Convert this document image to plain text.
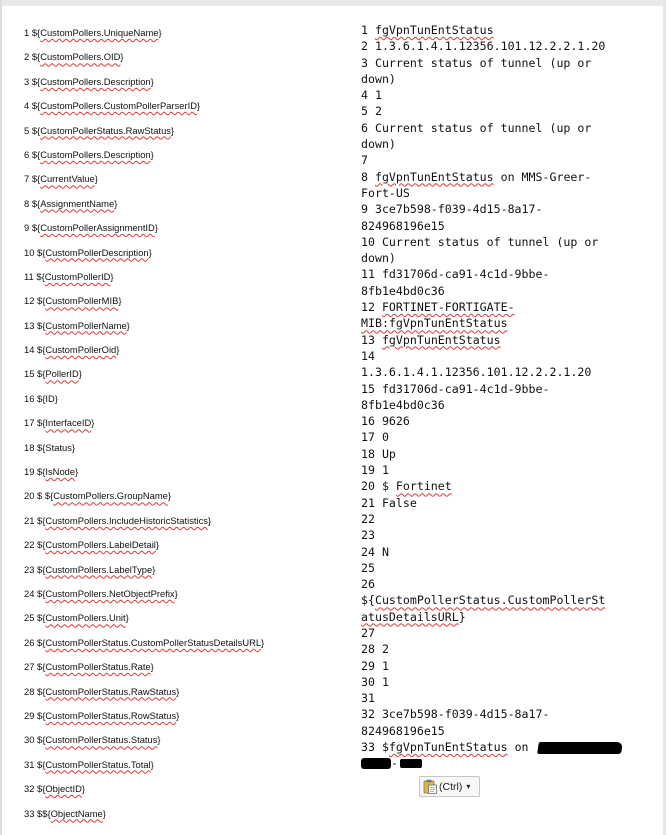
1 ${CustomPollers.UniqueName}
2 ${CustomPollers.OID}
3 ${CustomPollers.Description}
4 ${CustomPollers.CustomPollerParserID}
5 ${CustomPollerStatus.RawStatus}
6 ${CustomPollers.Description}
7 ${CurrentValue}
8 ${AssignmentName}
9 ${CustomPollerAssignmentID}
10 ${CustomPollerDescription}
11 ${CustomPollerID}
12 ${CustomPollerMIB}
13 ${CustomPollerName}
14 ${CustomPollerOid}
15 ${PollerID}
16 ${ID}
17 ${InterfaceID}
18 ${Status}
19 ${IsNode}
20 $ ${CustomPollers.GroupName}
21 ${CustomPollers.IncludeHistoricStatistics}
22 ${CustomPollers.LabelDetail}
23 ${CustomPollers.LabelType}
24 ${CustomPollers.NetObjectPrefix}
25 ${CustomPollers.Unit}
26 ${CustomPollerStatus.CustomPollerStatusDetailsURL}
27 ${CustomPollerStatus.Rate}
28 ${CustomPollerStatus.RawStatus}
29 ${CustomPollerStatus.RowStatus}
30 ${CustomPollerStatus.Status}
31 ${CustomPollerStatus.Total}
32 ${ObjectID}
33 $${ObjectName}
1 fgVpnTunEntStatus
2 1.3.6.1.4.1.12356.101.12.2.2.1.20
3 Current status of tunnel (up or
down)
4 1
5 2
6 Current status of tunnel (up or
down)
7
8 fgVpnTunEntStatus on MMS-Greer-
Fort-US
9 3ce7b598-f039-4d15-8a17-
824968196e15
10 Current status of tunnel (up or
down)
11 fd31706d-ca91-4c1d-9bbe-
8fb1e4bd0c36
12 FORTINET-FORTIGATE-
MIB:fgVpnTunEntStatus
13 fgVpnTunEntStatus
14
1.3.6.1.4.1.12356.101.12.2.2.1.20
15 fd31706d-ca91-4c1d-9bbe-
8fb1e4bd0c36
16 9626
17 0
18 Up
19 1
20 $ Fortinet
21 False
22
23
24 N
25
26
${CustomPollerStatus.CustomPollerSt
atusDetailsURL}
27
28 2
29 1
30 1
31
32 3ce7b598-f039-4d15-8a17-
824968196e15
33 $fgVpnTunEntStatus on
-
(Ctrl) ▾
